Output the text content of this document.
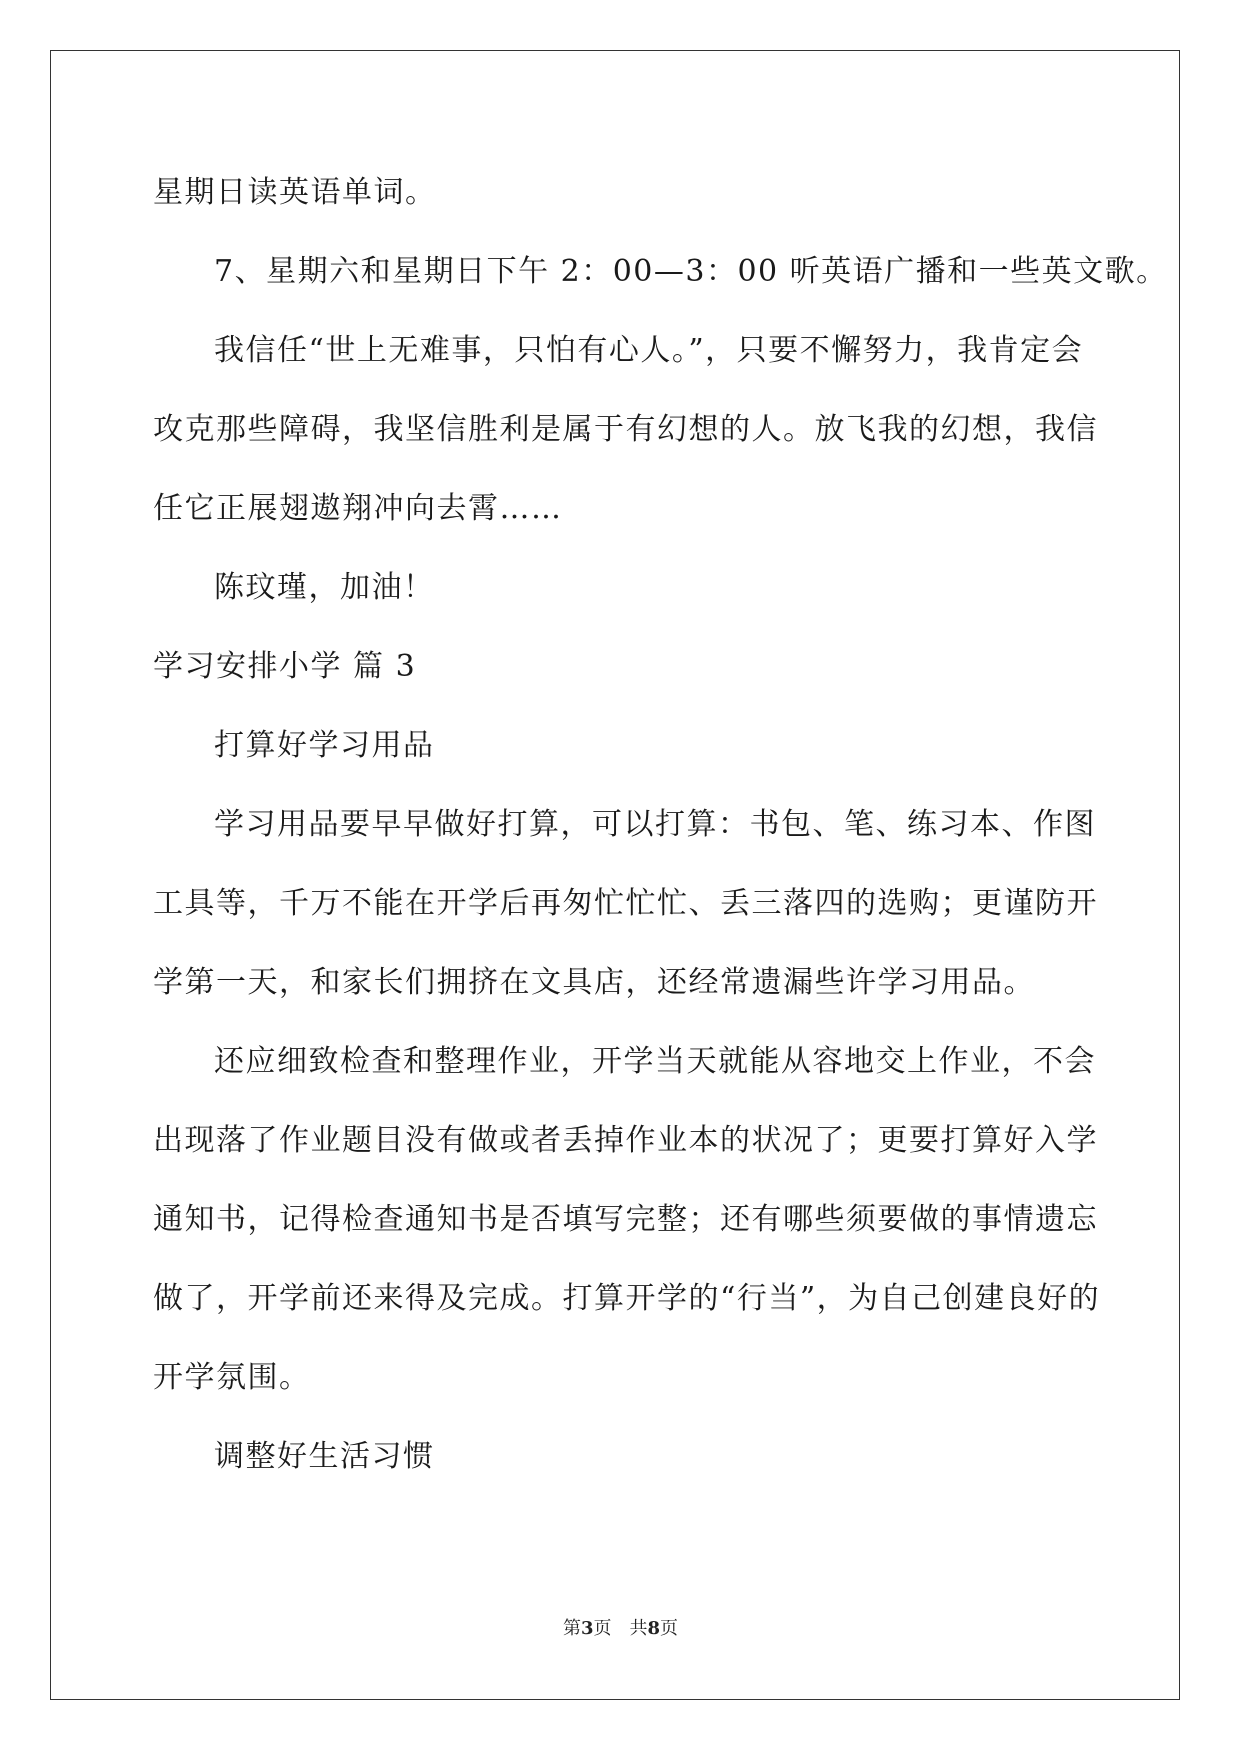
星期日读英语单词。
7、星期六和星期日下午 2：00—3：00 听英语广播和一些英文歌。
我信任“世上无难事，只怕有心人。”，只要不懈努力，我肯定会
攻克那些障碍，我坚信胜利是属于有幻想的人。放飞我的幻想，我信
任它正展翅遨翔冲向去霄……
陈玟瑾，加油！
学习安排小学 篇 3
打算好学习用品
学习用品要早早做好打算，可以打算：书包、笔、练习本、作图
工具等，千万不能在开学后再匆忙忙忙、丢三落四的选购；更谨防开
学第一天，和家长们拥挤在文具店，还经常遗漏些许学习用品。
还应细致检查和整理作业，开学当天就能从容地交上作业，不会
出现落了作业题目没有做或者丢掉作业本的状况了；更要打算好入学
通知书，记得检查通知书是否填写完整；还有哪些须要做的事情遗忘
做了，开学前还来得及完成。打算开学的“行当”，为自己创建良好的
开学氛围。
调整好生活习惯
第3页 共8页
